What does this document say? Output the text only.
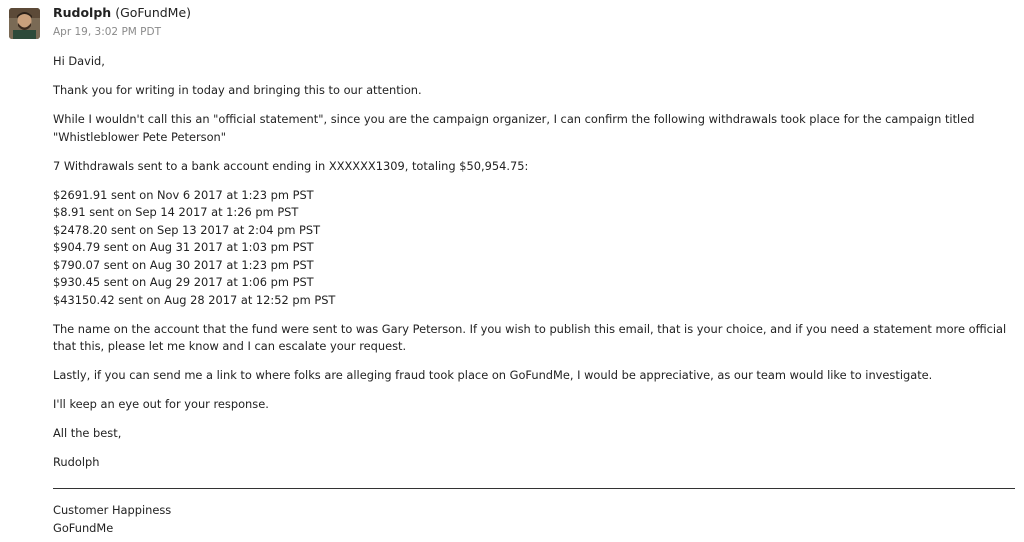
Rudolph (GoFundMe)
Apr 19, 3:02 PM PDT

Hi David,

Thank you for writing in today and bringing this to our attention.

While I wouldn't call this an "official statement", since you are the campaign organizer, I can confirm the following withdrawals took place for the campaign titled "Whistleblower Pete Peterson"

7 Withdrawals sent to a bank account ending in XXXXXX1309, totaling $50,954.75:

$2691.91 sent on Nov 6 2017 at 1:23 pm PST
$8.91 sent on Sep 14 2017 at 1:26 pm PST
$2478.20 sent on Sep 13 2017 at 2:04 pm PST
$904.79 sent on Aug 31 2017 at 1:03 pm PST
$790.07 sent on Aug 30 2017 at 1:23 pm PST
$930.45 sent on Aug 29 2017 at 1:06 pm PST
$43150.42 sent on Aug 28 2017 at 12:52 pm PST

The name on the account that the fund were sent to was Gary Peterson. If you wish to publish this email, that is your choice, and if you need a statement more official that this, please let me know and I can escalate your request.

Lastly, if you can send me a link to where folks are alleging fraud took place on GoFundMe, I would be appreciative, as our team would like to investigate.

I'll keep an eye out for your response.

All the best,

Rudolph

Customer Happiness
GoFundMe
